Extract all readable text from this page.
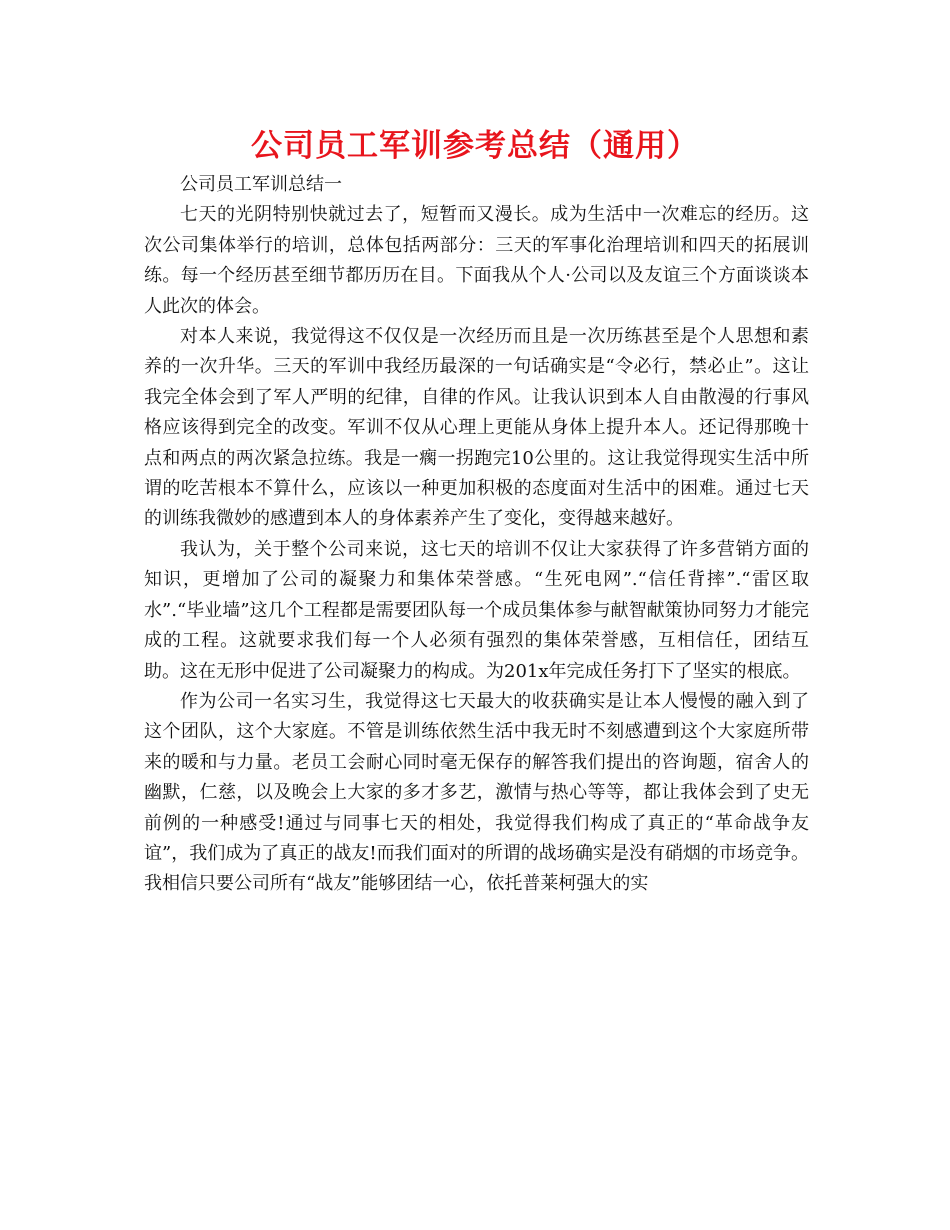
公司员工军训参考总结（通用）

公司员工军训总结一

七天的光阴特别快就过去了，短暂而又漫长。成为生活中一次难忘的经历。这次公司集体举行的培训，总体包括两部分：三天的军事化治理培训和四天的拓展训练。每一个经历甚至细节都历历在目。下面我从个人·公司以及友谊三个方面谈谈本人此次的体会。

对本人来说，我觉得这不仅仅是一次经历而且是一次历练甚至是个人思想和素养的一次升华。三天的军训中我经历最深的一句话确实是“令必行，禁必止”。这让我完全体会到了军人严明的纪律，自律的作风。让我认识到本人自由散漫的行事风格应该得到完全的改变。军训不仅从心理上更能从身体上提升本人。还记得那晚十点和两点的两次紧急拉练。我是一瘸一拐跑完10公里的。这让我觉得现实生活中所谓的吃苦根本不算什么，应该以一种更加积极的态度面对生活中的困难。通过七天的训练我微妙的感遭到本人的身体素养产生了变化，变得越来越好。

我认为，关于整个公司来说，这七天的培训不仅让大家获得了许多营销方面的知识，更增加了公司的凝聚力和集体荣誉感。“生死电网”.“信任背摔”.“雷区取水”.“毕业墙”这几个工程都是需要团队每一个成员集体参与献智献策协同努力才能完成的工程。这就要求我们每一个人必须有强烈的集体荣誉感，互相信任，团结互助。这在无形中促进了公司凝聚力的构成。为201x年完成任务打下了坚实的根底。

作为公司一名实习生，我觉得这七天最大的收获确实是让本人慢慢的融入到了这个团队，这个大家庭。不管是训练依然生活中我无时不刻感遭到这个大家庭所带来的暖和与力量。老员工会耐心同时毫无保存的解答我们提出的咨询题，宿舍人的幽默，仁慈，以及晚会上大家的多才多艺，激情与热心等等，都让我体会到了史无前例的一种感受!通过与同事七天的相处，我觉得我们构成了真正的“革命战争友谊”，我们成为了真正的战友!而我们面对的所谓的战场确实是没有硝烟的市场竞争。我相信只要公司所有“战友”能够团结一心，依托普莱柯强大的实
